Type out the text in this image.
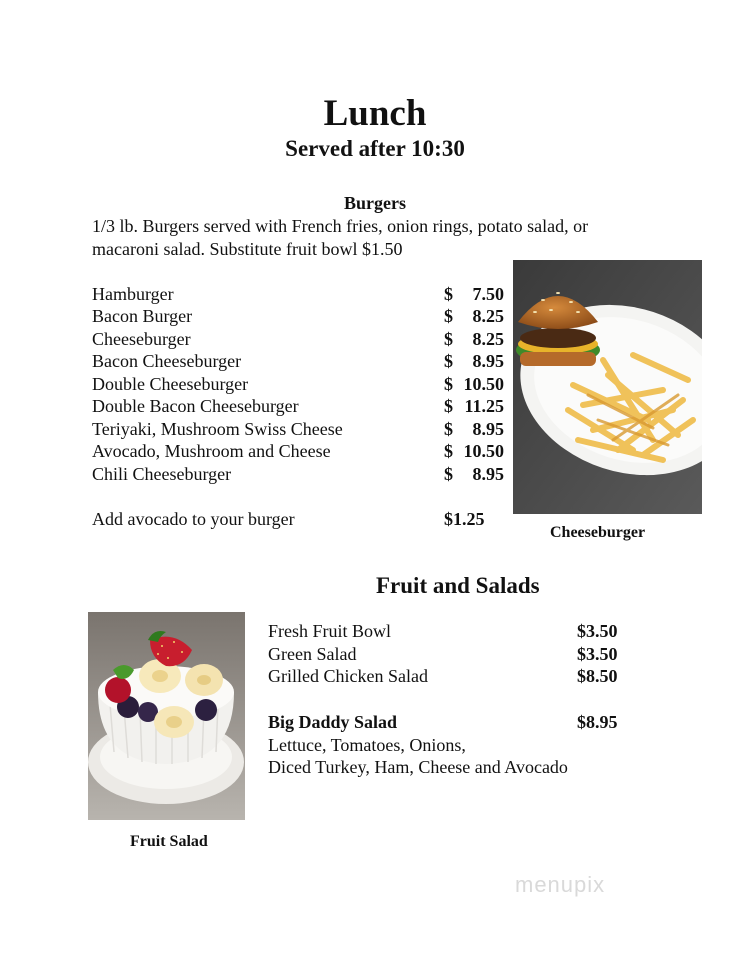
Lunch
Served after 10:30
Burgers
1/3 lb. Burgers served with French fries, onion rings, potato salad, or macaroni salad. Substitute fruit bowl $1.50
Hamburger	$ 7.50
Bacon Burger	$ 8.25
Cheeseburger	$ 8.25
Bacon Cheeseburger	$ 8.95
Double Cheeseburger	$ 10.50
Double Bacon Cheeseburger	$ 11.25
Teriyaki, Mushroom Swiss Cheese	$ 8.95
Avocado, Mushroom and Cheese	$ 10.50
Chili Cheeseburger	$ 8.95
Add avocado to your burger	$1.25
Cheeseburger
Fruit and Salads
Fresh Fruit Bowl	$3.50
Green Salad	$3.50
Grilled Chicken Salad	$8.50
Big Daddy Salad	$8.95
Lettuce, Tomatoes, Onions,
Diced Turkey, Ham, Cheese and Avocado
Fruit Salad
menupix
